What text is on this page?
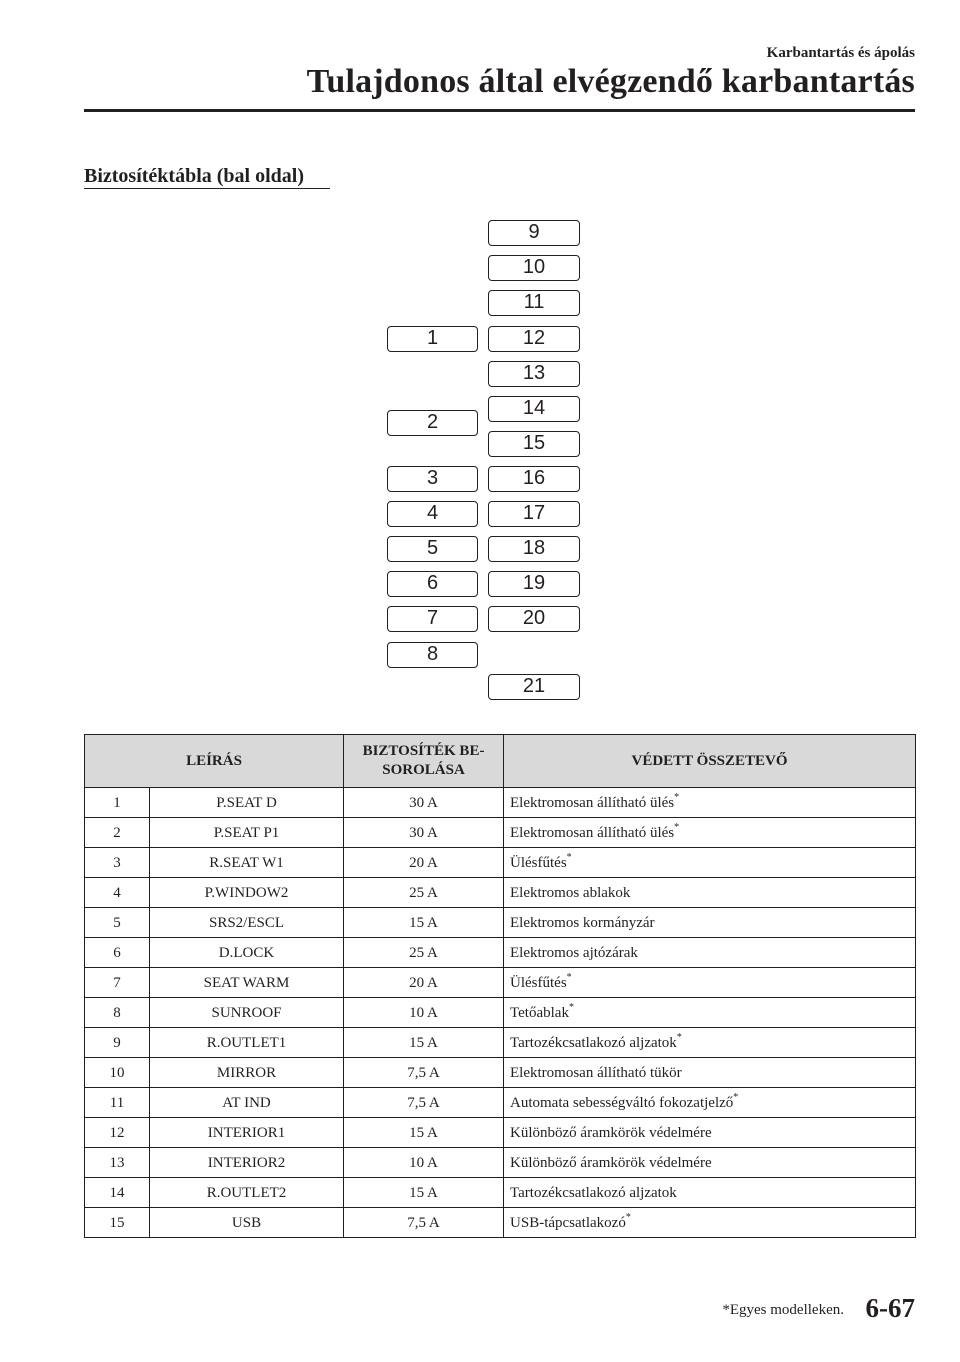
Karbantartás és ápolás
Tulajdonos által elvégzendő karbantartás
Biztosítéktábla (bal oldal)
1
2
3
4
5
6
7
8
9
10
11
12
13
14
15
16
17
18
19
20
21
LEÍRÁS		BIZTOSÍTÉK BE-
SOROLÁSA	VÉDETT ÖSSZETEVŐ
1	P.SEAT D	30 A	Elektromosan állítható ülés*
2	P.SEAT P1	30 A	Elektromosan állítható ülés*
3	R.SEAT W1	20 A	Ülésfűtés*
4	P.WINDOW2	25 A	Elektromos ablakok
5	SRS2/ESCL	15 A	Elektromos kormányzár
6	D.LOCK	25 A	Elektromos ajtózárak
7	SEAT WARM	20 A	Ülésfűtés*
8	SUNROOF	10 A	Tetőablak*
9	R.OUTLET1	15 A	Tartozékcsatlakozó aljzatok*
10	MIRROR	7,5 A	Elektromosan állítható tükör
11	AT IND	7,5 A	Automata sebességváltó fokozatjelző*
12	INTERIOR1	15 A	Különböző áramkörök védelmére
13	INTERIOR2	10 A	Különböző áramkörök védelmére
14	R.OUTLET2	15 A	Tartozékcsatlakozó aljzatok
15	USB	7,5 A	USB-tápcsatlakozó*
*Egyes modelleken. 6-67
